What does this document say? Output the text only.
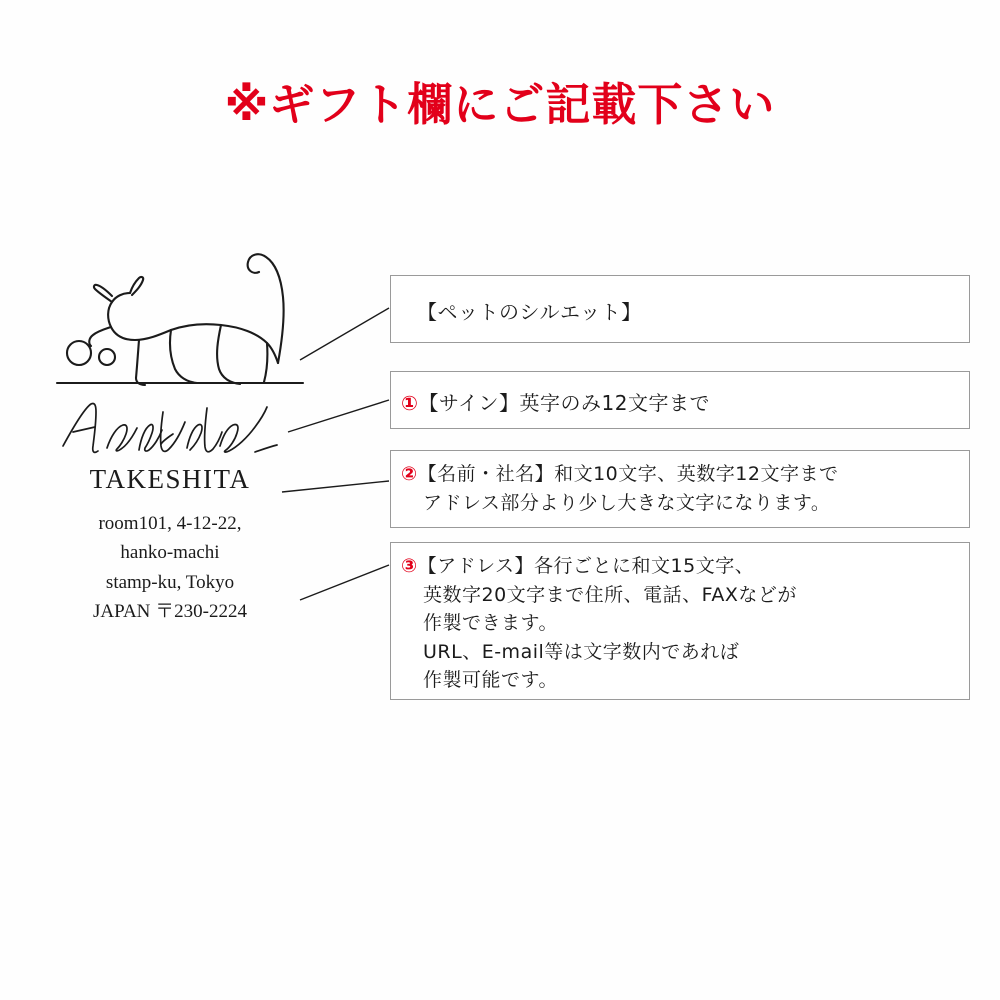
※ギフト欄にご記載下さい
TAKESHITA
room101, 4-12-22,
hanko-machi
stamp-ku, Tokyo
JAPAN 〒230-2224
【ペットのシルエット】
①【サイン】英字のみ12文字まで
②【名前・社名】和文10文字、英数字12文字まで
アドレス部分より少し大きな文字になります。
③【アドレス】各行ごとに和文15文字、
英数字20文字まで住所、電話、FAXなどが
作製できます。
URL、E-mail等は文字数内であれば
作製可能です。
